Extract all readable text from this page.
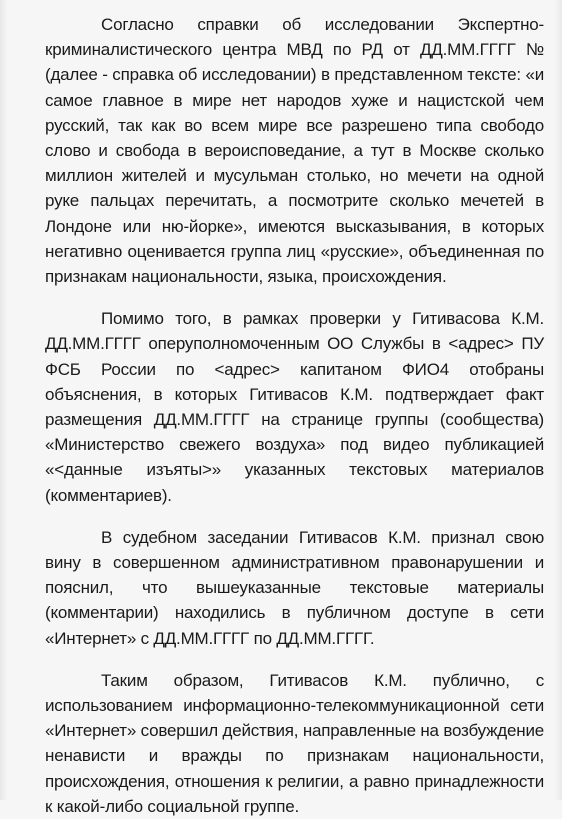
Согласно справки об исследовании Экспертно-криминалистического центра МВД по РД от ДД.ММ.ГГГГ № (далее - справка об исследовании) в представленном тексте: «и самое главное в мире нет народов хуже и нацистской чем русский, так как во всем мире все разрешено типа свободо слово и свобода в вероисповедание, а тут в Москве сколько миллион жителей и мусульман столько, но мечети на одной руке пальцах перечитать, а посмотрите сколько мечетей в Лондоне или ню-йорке», имеются высказывания, в которых негативно оценивается группа лиц «русские», объединенная по признакам национальности, языка, происхождения.

Помимо того, в рамках проверки у Гитивасова К.М. ДД.ММ.ГГГГ оперуполномоченным ОО Службы в <адрес> ПУ ФСБ России по <адрес> капитаном ФИО4 отобраны объяснения, в которых Гитивасов К.М. подтверждает факт размещения ДД.ММ.ГГГГ на странице группы (сообщества) «Министерство свежего воздуха» под видео публикацией «<данные изъяты>» указанных текстовых материалов (комментариев).

В судебном заседании Гитивасов К.М. признал свою вину в совершенном административном правонарушении и пояснил, что вышеуказанные текстовые материалы (комментарии) находились в публичном доступе в сети «Интернет» с ДД.ММ.ГГГГ по ДД.ММ.ГГГГ.

Таким образом, Гитивасов К.М. публично, с использованием информационно-телекоммуникационной сети «Интернет» совершил действия, направленные на возбуждение ненависти и вражды по признакам национальности, происхождения, отношения к религии, а равно принадлежности к какой-либо социальной группе.
